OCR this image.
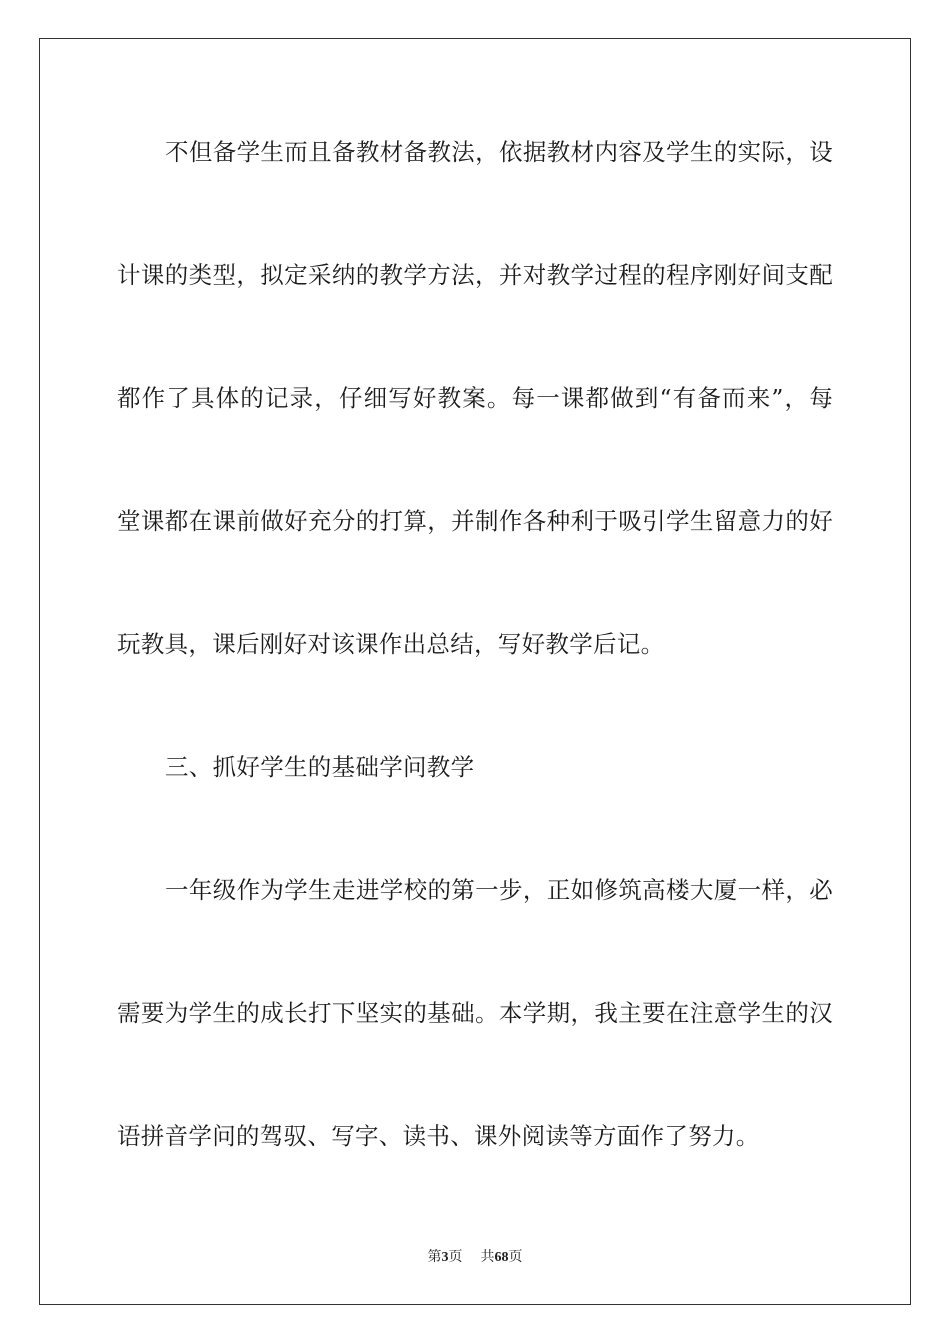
不但备学生而且备教材备教法，依据教材内容及学生的实际，设
计课的类型，拟定采纳的教学方法，并对教学过程的程序刚好间支配
都作了具体的记录，仔细写好教案。每一课都做到“有备而来”，每
堂课都在课前做好充分的打算，并制作各种利于吸引学生留意力的好
玩教具，课后刚好对该课作出总结，写好教学后记。
三、抓好学生的基础学问教学
一年级作为学生走进学校的第一步，正如修筑高楼大厦一样，必
需要为学生的成长打下坚实的基础。本学期，我主要在注意学生的汉
语拼音学问的驾驭、写字、读书、课外阅读等方面作了努力。
第3页 共68页
